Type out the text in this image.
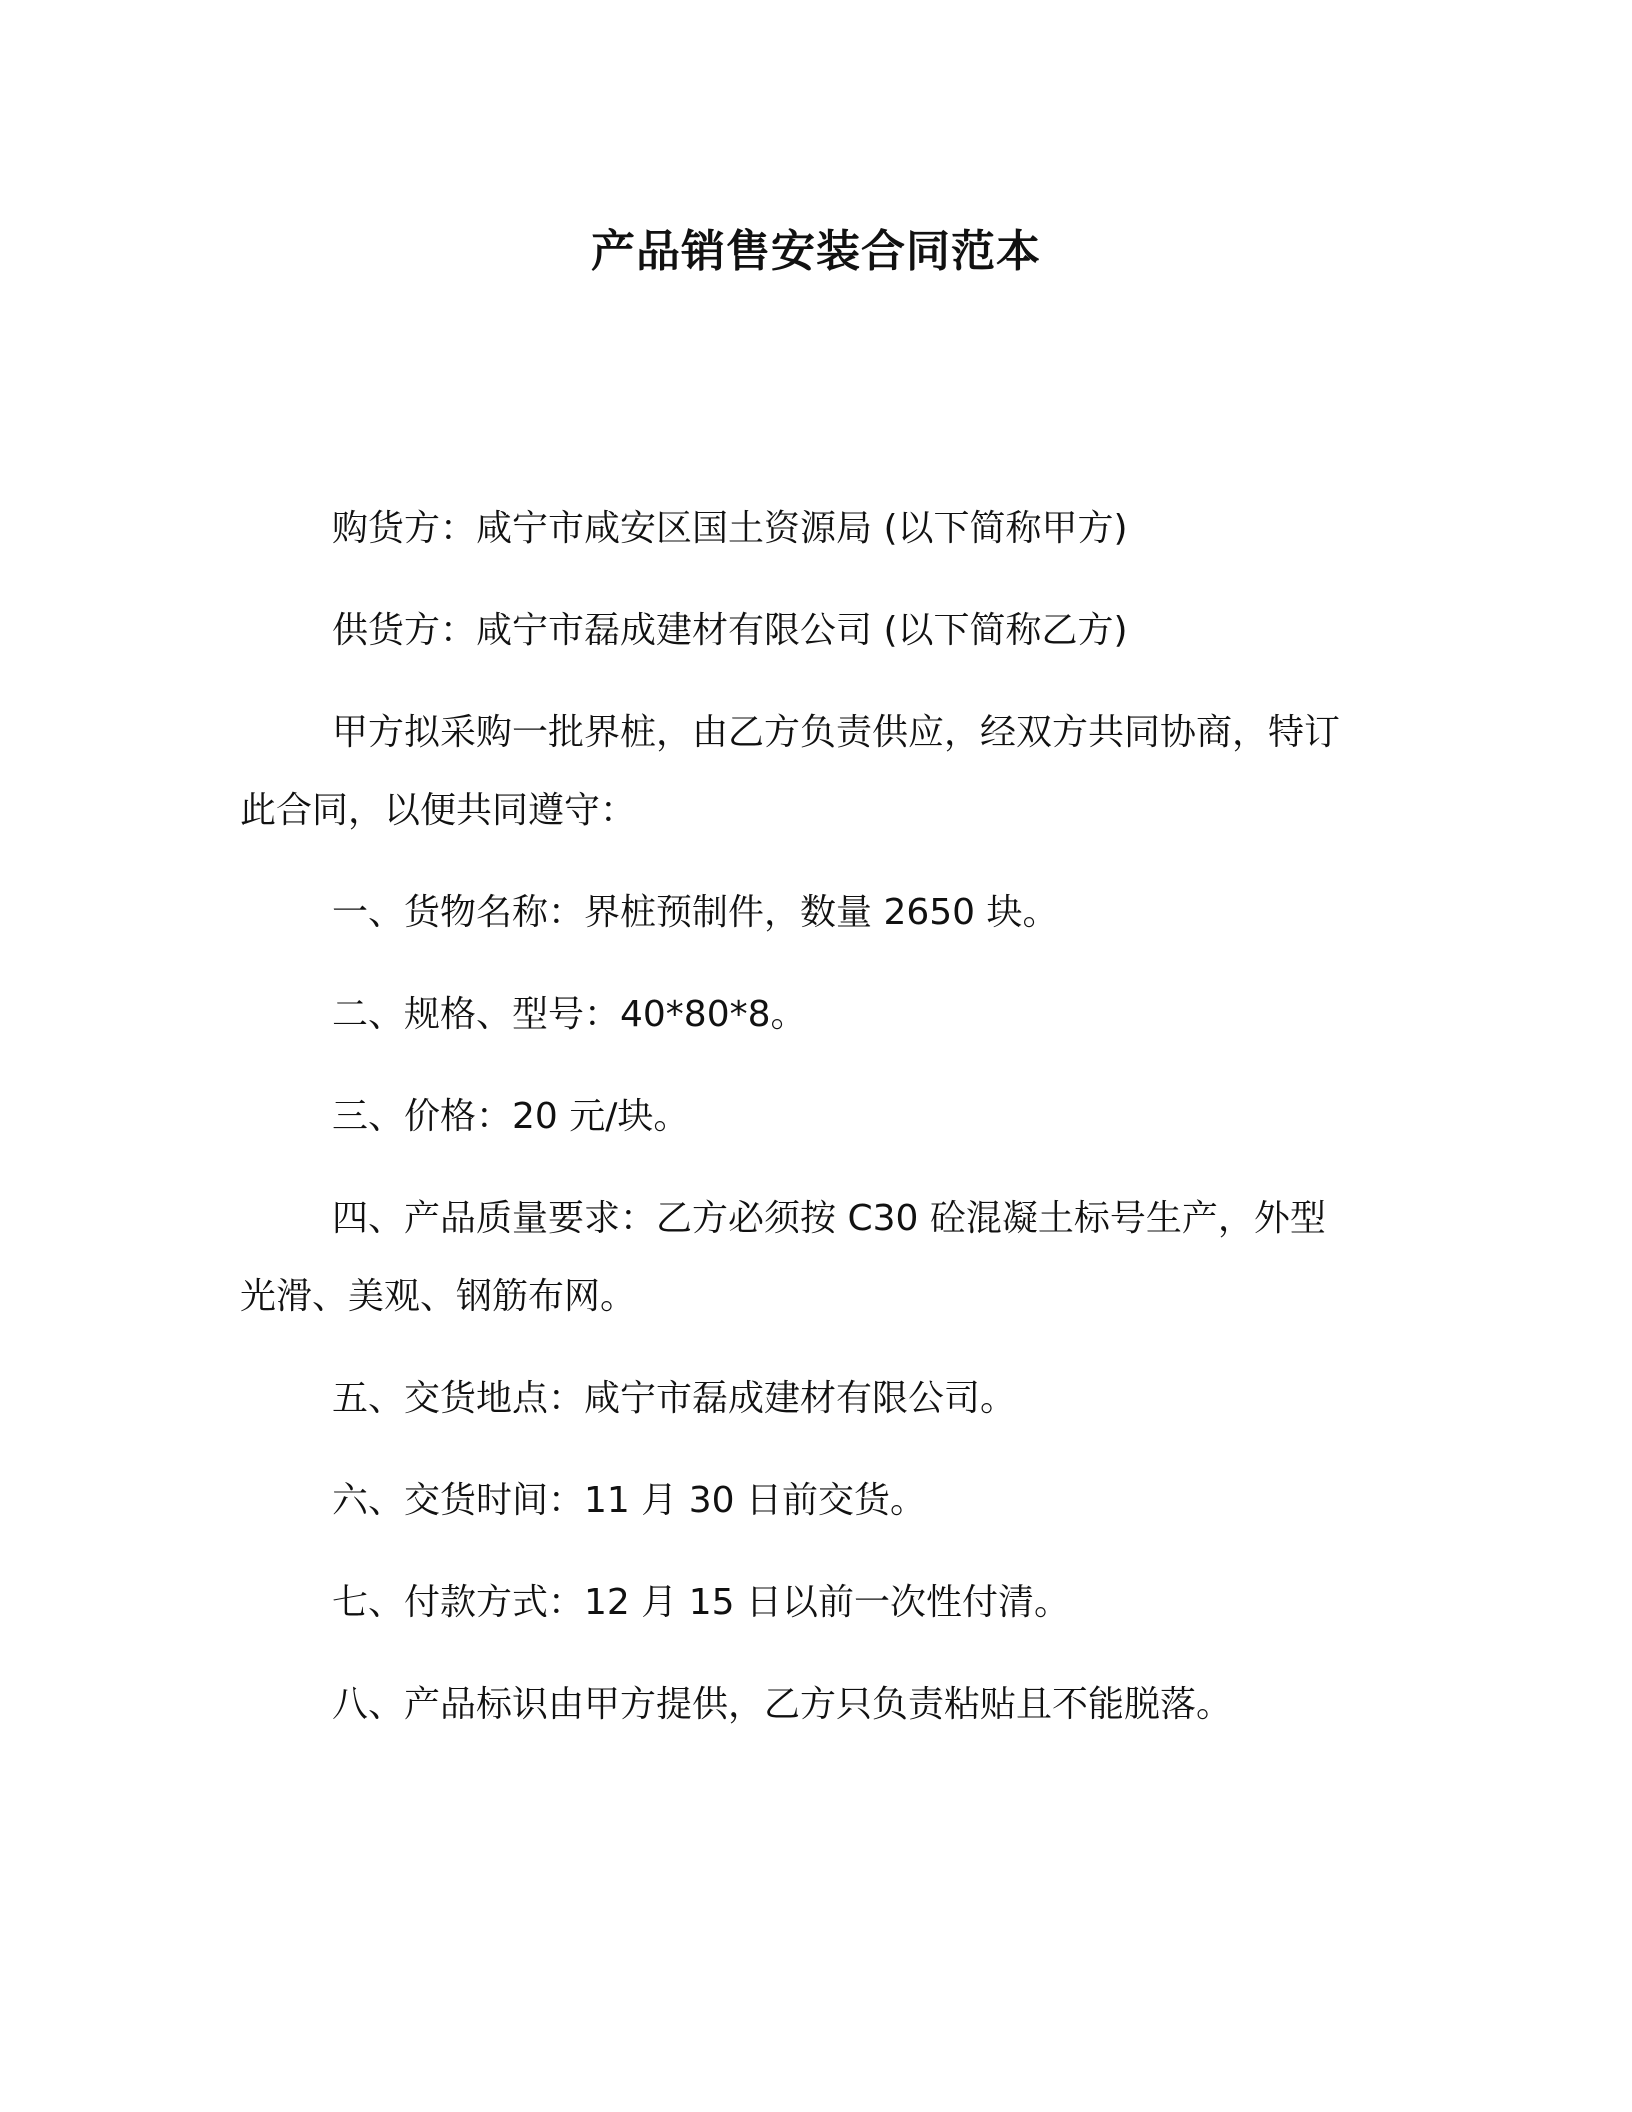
产品销售安装合同范本

购货方：咸宁市咸安区国土资源局 (以下简称甲方)

供货方：咸宁市磊成建材有限公司 (以下简称乙方)

甲方拟采购一批界桩，由乙方负责供应，经双方共同协商，特订

此合同，以便共同遵守：

一、货物名称：界桩预制件，数量 2650 块。

二、规格、型号：40*80*8。

三、价格：20 元/块。

四、产品质量要求：乙方必须按 C30 砼混凝土标号生产，外型

光滑、美观、钢筋布网。

五、交货地点：咸宁市磊成建材有限公司。

六、交货时间：11 月 30 日前交货。

七、付款方式：12 月 15 日以前一次性付清。

八、产品标识由甲方提供，乙方只负责粘贴且不能脱落。
